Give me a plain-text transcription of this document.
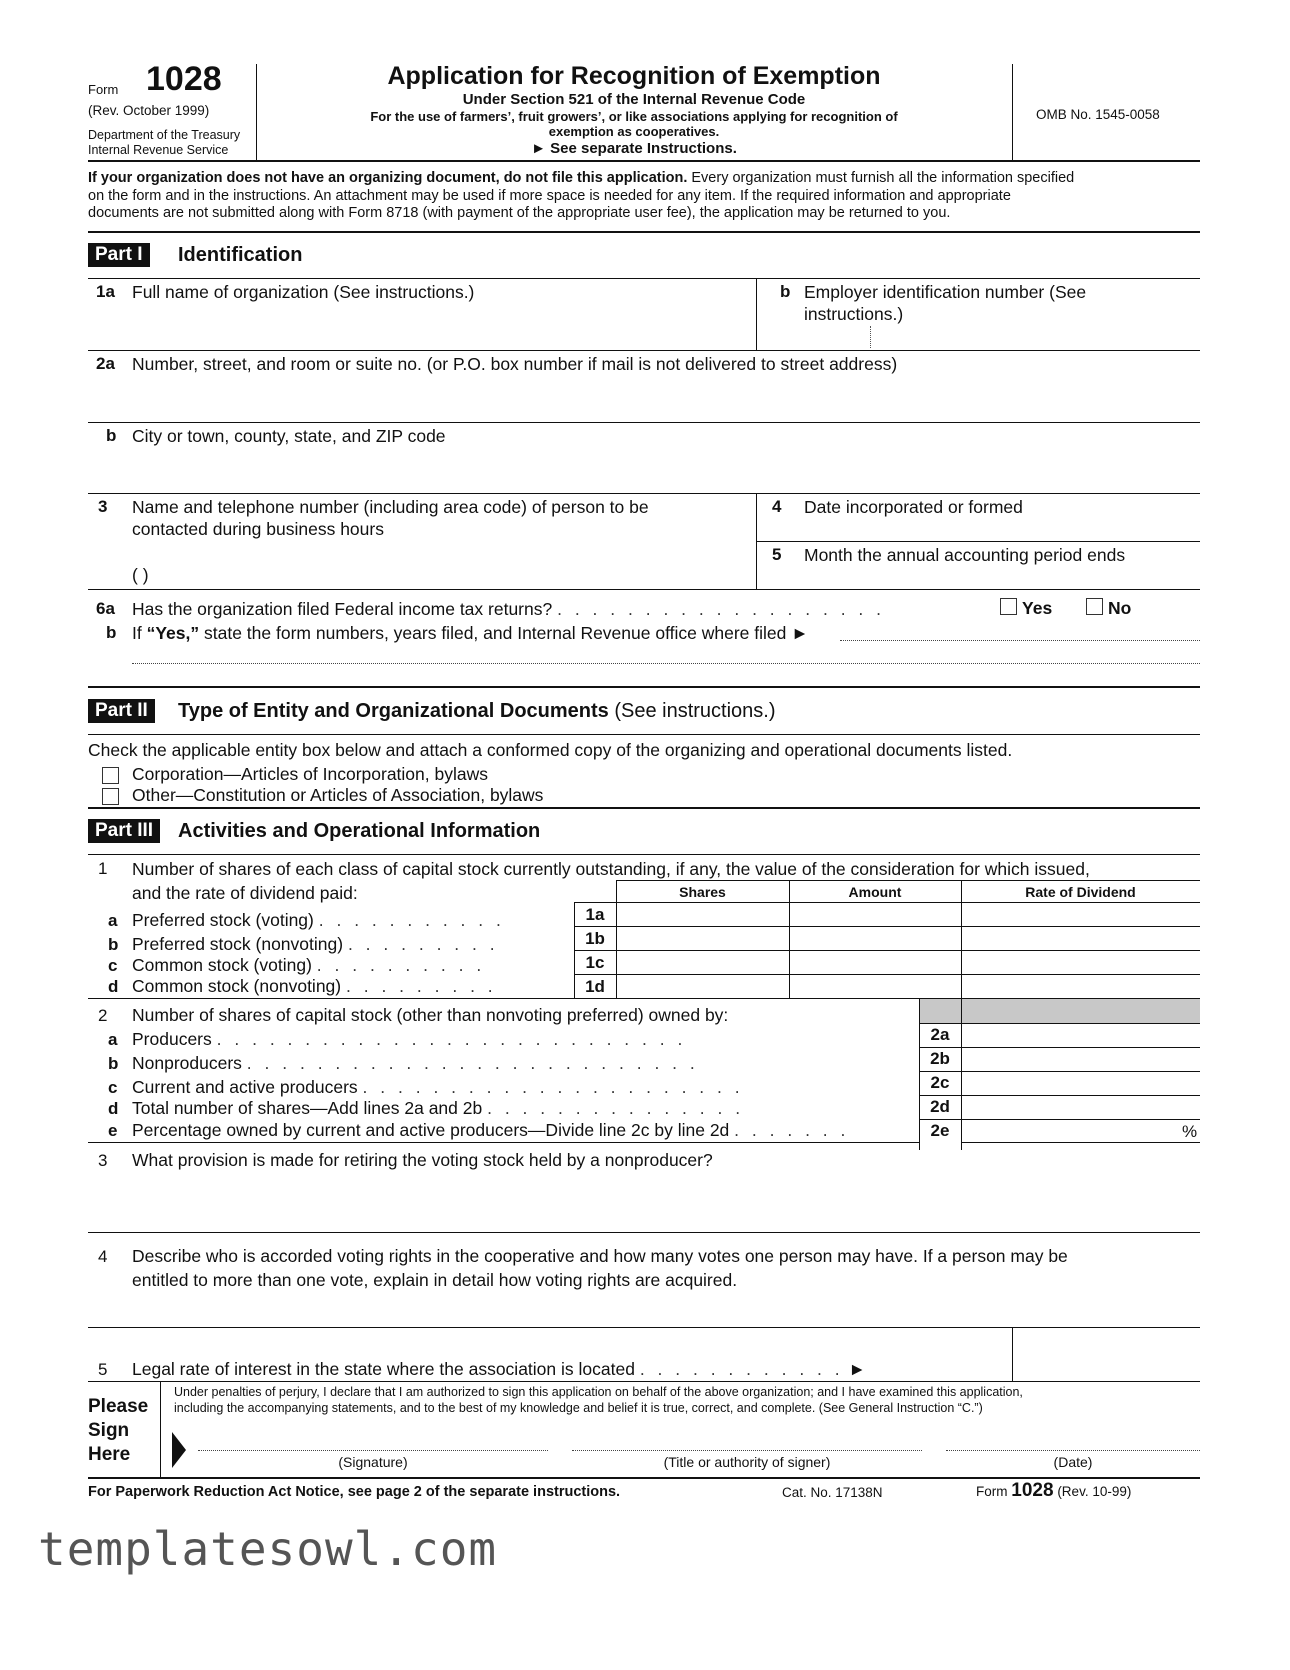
Form 1028
(Rev. October 1999)
Department of the Treasury
Internal Revenue Service
Application for Recognition of Exemption
Under Section 521 of the Internal Revenue Code
For the use of farmers’, fruit growers’, or like associations applying for recognition of
exemption as cooperatives.
► See separate Instructions.
OMB No. 1545-0058
If your organization does not have an organizing document, do not file this application. Every organization must furnish all the information specified
on the form and in the instructions. An attachment may be used if more space is needed for any item. If the required information and appropriate
documents are not submitted along with Form 8718 (with payment of the appropriate user fee), the application may be returned to you.
Part I	Identification
1a Full name of organization (See instructions.)	b Employer identification number (See
instructions.)
2a Number, street, and room or suite no. (or P.O. box number if mail is not delivered to street address)
b City or town, county, state, and ZIP code
3 Name and telephone number (including area code) of person to be
contacted during business hours
( )
4 Date incorporated or formed
5 Month the annual accounting period ends
6a Has the organization filed Federal income tax returns? . . . . . . . . . . . . . . . . . . .	Yes	No
b If “Yes,” state the form numbers, years filed, and Internal Revenue office where filed ►
Part II	Type of Entity and Organizational Documents (See instructions.)
Check the applicable entity box below and attach a conformed copy of the organizing and operational documents listed.
Corporation—Articles of Incorporation, bylaws
Other—Constitution or Articles of Association, bylaws
Part III	Activities and Operational Information
1 Number of shares of each class of capital stock currently outstanding, if any, the value of the consideration for which issued,
and the rate of dividend paid:	Shares	Amount	Rate of Dividend
a Preferred stock (voting) . . . . . . . . . . .	1a
b Preferred stock (nonvoting) . . . . . . . . .	1b
c Common stock (voting) . . . . . . . . . .	1c
d Common stock (nonvoting) . . . . . . . . .	1d
2 Number of shares of capital stock (other than nonvoting preferred) owned by:
a Producers . . . . . . . . . . . . . . . . . . . . . . . . . . .	2a
b Nonproducers . . . . . . . . . . . . . . . . . . . . . . . . . .	2b
c Current and active producers . . . . . . . . . . . . . . . . . . . . . .	2c
d Total number of shares—Add lines 2a and 2b . . . . . . . . . . . . . . .	2d
e Percentage owned by current and active producers—Divide line 2c by line 2d . . . . . . .	2e	%
3 What provision is made for retiring the voting stock held by a nonproducer?
4 Describe who is accorded voting rights in the cooperative and how many votes one person may have. If a person may be
entitled to more than one vote, explain in detail how voting rights are acquired.
5 Legal rate of interest in the state where the association is located . . . . . . . . . . . . ►
Please
Sign
Here
Under penalties of perjury, I declare that I am authorized to sign this application on behalf of the above organization; and I have examined this application,
including the accompanying statements, and to the best of my knowledge and belief it is true, correct, and complete. (See General Instruction “C.”)
(Signature)	(Title or authority of signer)	(Date)
For Paperwork Reduction Act Notice, see page 2 of the separate instructions.	Cat. No. 17138N	Form 1028 (Rev. 10-99)
templatesowl.com
